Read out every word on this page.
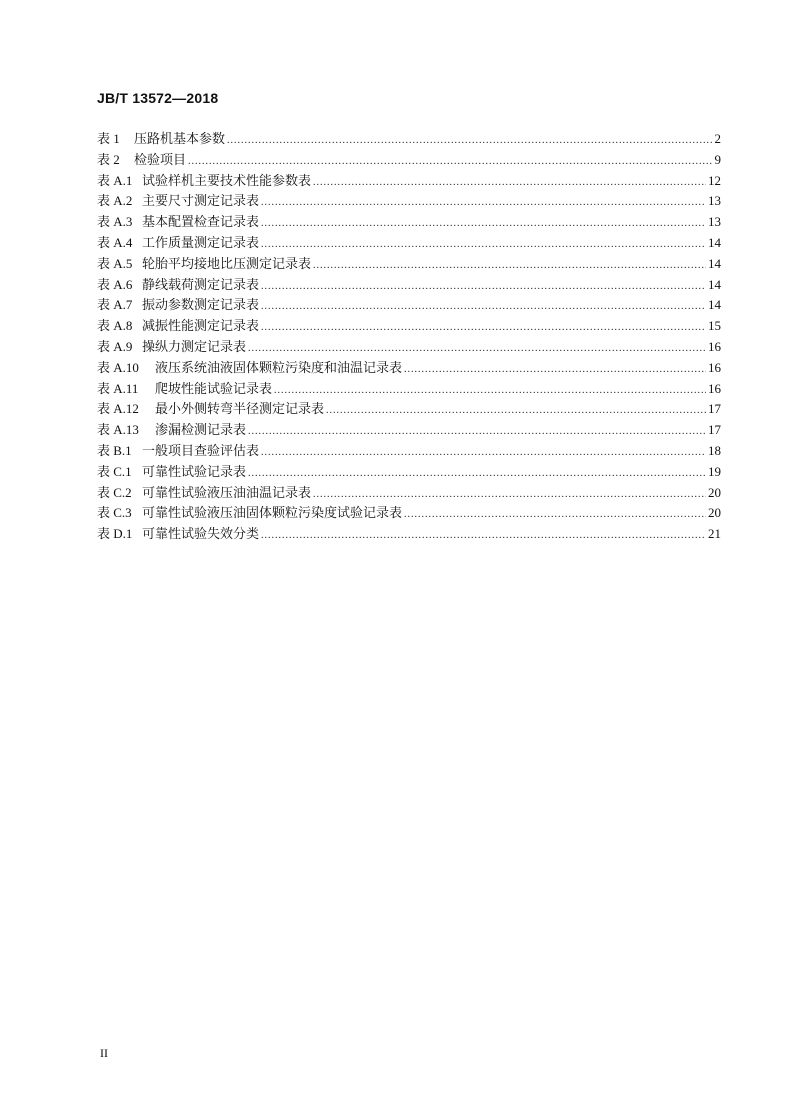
JB/T 13572—2018
表 1	压路机基本参数 .....	2
表 2	检验项目 .....	9
表 A.1 试验样机主要技术性能参数表 .....	12
表 A.2 主要尺寸测定记录表 .....	13
表 A.3 基本配置检查记录表 .....	13
表 A.4 工作质量测定记录表 .....	14
表 A.5 轮胎平均接地比压测定记录表 .....	14
表 A.6 静线载荷测定记录表 .....	14
表 A.7 振动参数测定记录表 .....	14
表 A.8 减振性能测定记录表 .....	15
表 A.9 操纵力测定记录表 .....	16
表 A.10	液压系统油液固体颗粒污染度和油温记录表 .....	16
表 A.11	爬坡性能试验记录表 .....	16
表 A.12	最小外侧转弯半径测定记录表 .....	17
表 A.13	渗漏检测记录表 .....	17
表 B.1 一般项目查验评估表 .....	18
表 C.1 可靠性试验记录表 .....	19
表 C.2 可靠性试验液压油油温记录表 .....	20
表 C.3 可靠性试验液压油固体颗粒污染度试验记录表 .....	20
表 D.1 可靠性试验失效分类 .....	21
II
